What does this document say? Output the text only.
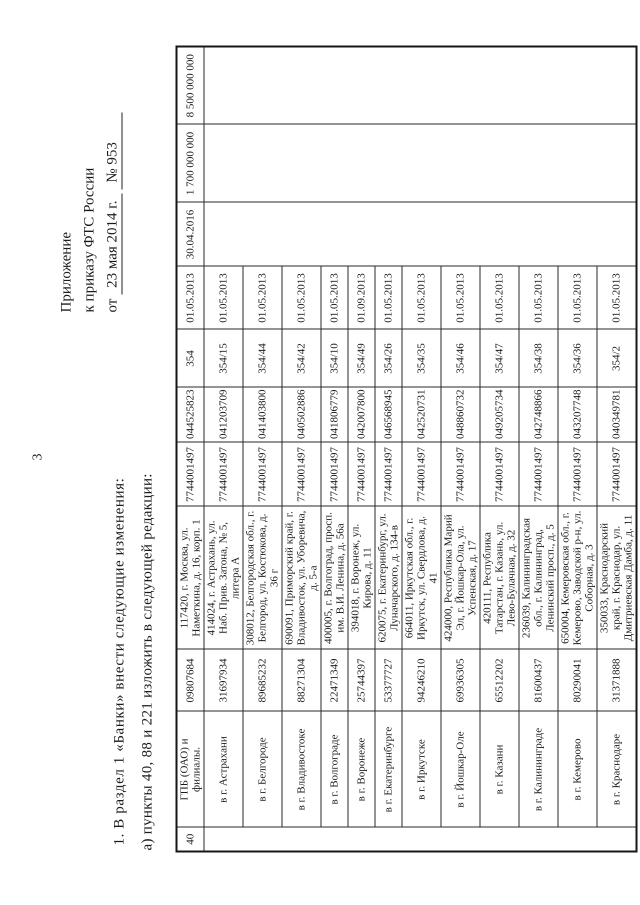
3
Приложение к приказу ФТС России от 23 мая 2014 г. № 953
1. В раздел 1 «Банки» внести следующие изменения: а) пункты 40, 88 и 221 изложить в следующей редакции:	40	ГПБ (ОАО) и филиалы.	09807684	117420, г. Москва, ул. Наметкина, д. 16, корп. 1	7744001497	044525823	354	01.05.2013	30.04.2016	1 700 000 000	8 500 000 000
	в г. Астрахани	31697934	414024, г. Астрахань, ул. Наб. Прив. Затона, № 5, литера А	7744001497	041203709	354/15	01.05.2013			
	в г. Белгороде	89685232	308012, Белгородская обл., г. Белгород, ул. Костюкова, д. 36 г	7744001497	041403800	354/44	01.05.2013			
	в г. Владивостоке	88271304	690091, Приморский край, г. Владивосток, ул. Уборевича, д. 5-а	7744001497	040502886	354/42	01.05.2013			
	в г. Волгограде	22471349	400005, г. Волгоград, просп. им. В.И. Ленина, д. 56а	7744001497	041806779	354/10	01.05.2013			
	в г. Воронеже	25744397	394018, г. Воронеж, ул. Кирова, д. 11	7744001497	042007800	354/49	01.09.2013			
	в г. Екатеринбурге	53377727	620075, г. Екатеринбург, ул. Луначарского, д. 134-в	7744001497	046568945	354/26	01.05.2013			
	в г. Иркутске	94246210	664011, Иркутская обл., г. Иркутск, ул. Свердлова, д. 41	7744001497	042520731	354/35	01.05.2013			
	в г. Йошкар-Оле	69936305	424000, Республика Марий Эл, г. Йошкар-Ола, ул. Успенская, д. 17	7744001497	048860732	354/46	01.05.2013			
	в г. Казани	65512202	420111, Республика Татарстан, г. Казань, ул. Лево-Булачная, д. 32	7744001497	049205734	354/47	01.05.2013			
	в г. Калининграде	81600437	236039, Калининградская обл., г. Калининград, Ленинский просп., д. 5	7744001497	042748866	354/38	01.05.2013			
	в г. Кемерово	80290041	650004, Кемеровская обл., г. Кемерово, Заводской р-н, ул. Соборная, д. 3	7744001497	043207748	354/36	01.05.2013			
	в г. Краснодаре	31371888	350033, Краснодарский край, г. Краснодар, ул. Дмитриевская Дамба, д. 11	7744001497	040349781	354/2	01.05.2013			
